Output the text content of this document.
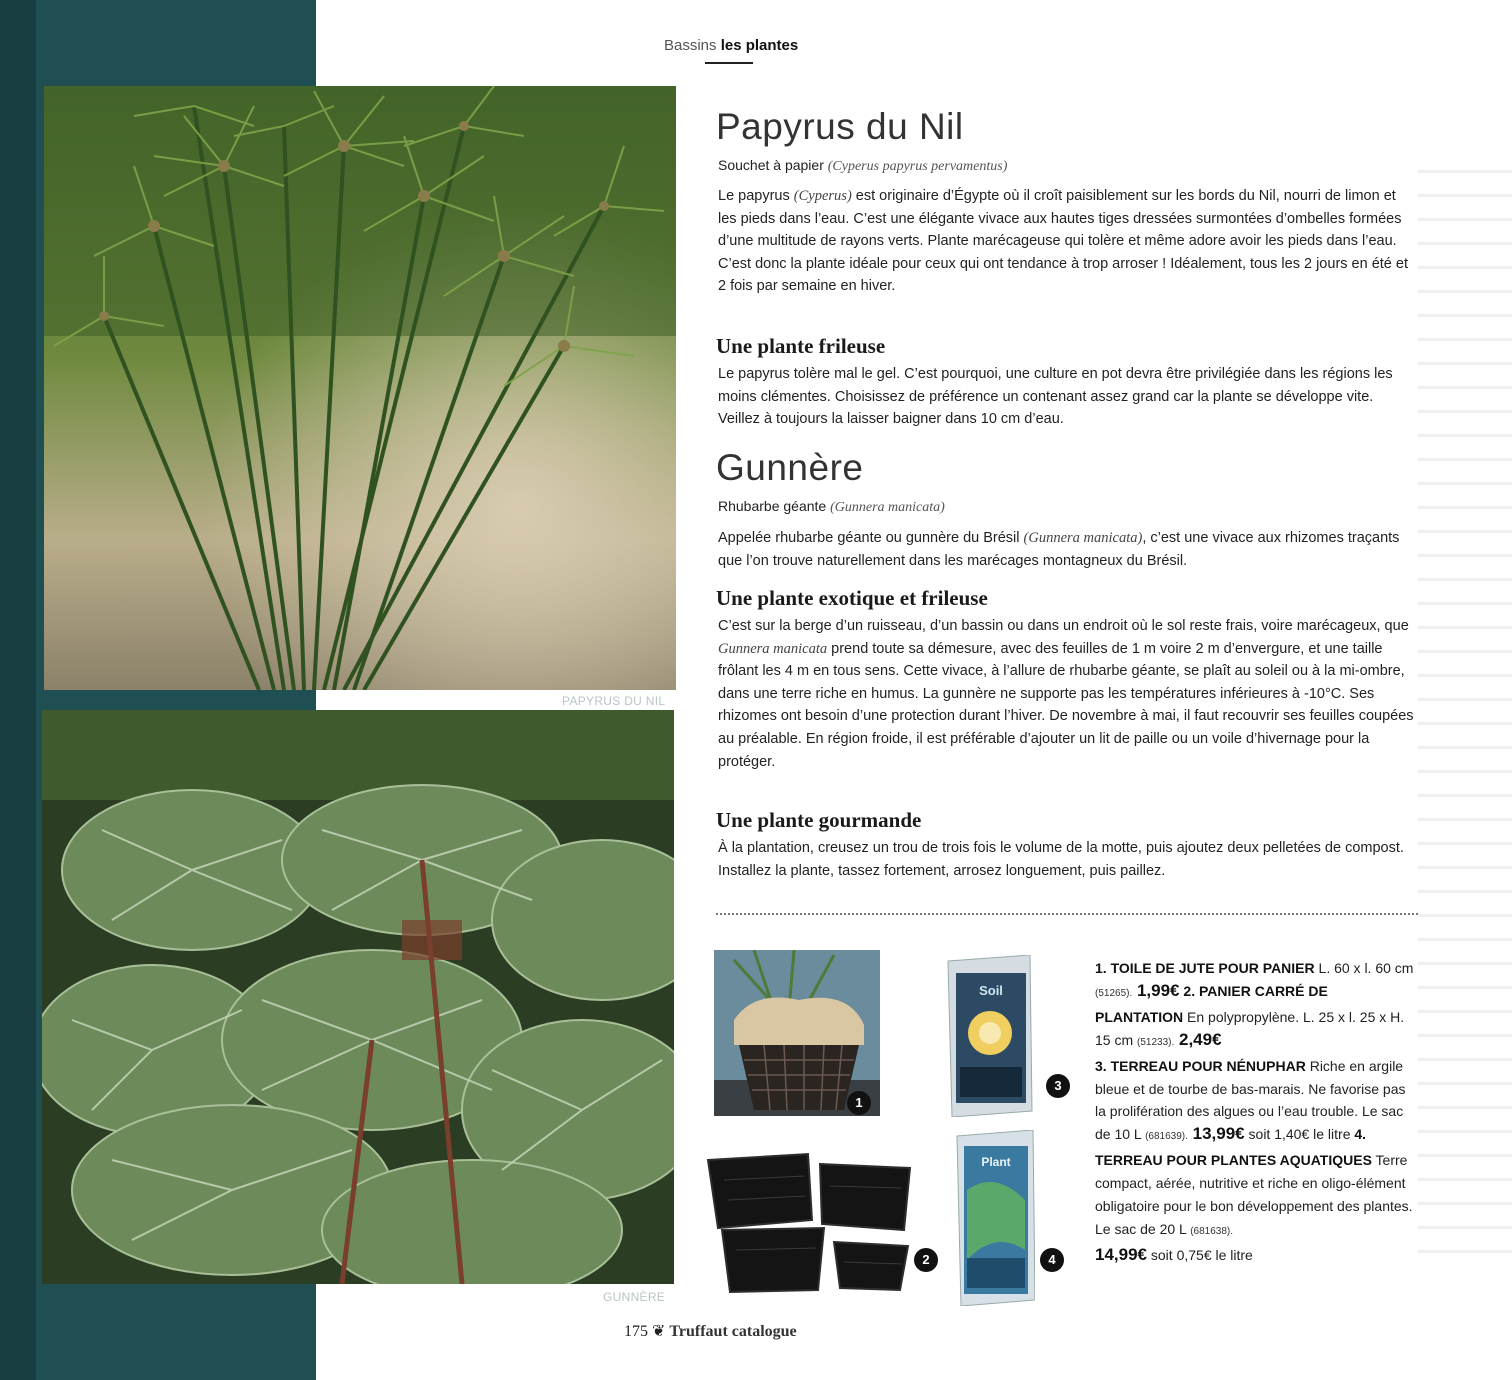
Bassins les plantes
PAPYRUS DU NIL
GUNNÈRE
Papyrus du Nil
Souchet à papier (Cyperus papyrus pervamentus)
Le papyrus (Cyperus) est originaire d’Égypte où il croît paisiblement sur les bords du Nil, nourri de limon et les pieds dans l’eau. C’est une élégante vivace aux hautes tiges dressées surmontées d’ombelles formées d’une multitude de rayons verts. Plante marécageuse qui tolère et même adore avoir les pieds dans l’eau. C’est donc la plante idéale pour ceux qui ont tendance à trop arroser ! Idéalement, tous les 2 jours en été et 2 fois par semaine en hiver.
Une plante frileuse
Le papyrus tolère mal le gel. C’est pourquoi, une culture en pot devra être privilégiée dans les régions les moins clémentes. Choisissez de préférence un contenant assez grand car la plante se développe vite. Veillez à toujours la laisser baigner dans 10 cm d’eau.
Gunnère
Rhubarbe géante (Gunnera manicata)
Appelée rhubarbe géante ou gunnère du Brésil (Gunnera manicata), c’est une vivace aux rhizomes traçants que l’on trouve naturellement dans les marécages montagneux du Brésil.
Une plante exotique et frileuse
C’est sur la berge d’un ruisseau, d’un bassin ou dans un endroit où le sol reste frais, voire marécageux, que Gunnera manicata prend toute sa démesure, avec des feuilles de 1 m voire 2 m d’envergure, et une taille frôlant les 4 m en tous sens. Cette vivace, à l’allure de rhubarbe géante, se plaît au soleil ou à la mi-ombre, dans une terre riche en humus. La gunnère ne supporte pas les températures inférieures à -10°C. Ses rhizomes ont besoin d’une protection durant l’hiver. De novembre à mai, il faut recouvrir ses feuilles coupées au préalable. En région froide, il est préférable d’ajouter un lit de paille ou un voile d’hivernage pour la protéger.
Une plante gourmande
À la plantation, creusez un trou de trois fois le volume de la motte, puis ajoutez deux pelletées de compost. Installez la plante, tassez fortement, arrosez longuement, puis paillez.
1
2
Soil
3
Plant
4
1. TOILE DE JUTE POUR PANIER L. 60 x l. 60 cm (51265). 1,99€ 2. PANIER CARRÉ DE PLANTATION En polypropylène. L. 25 x l. 25 x H. 15 cm (51233). 2,49€
3. TERREAU POUR NÉNUPHAR Riche en argile bleue et de tourbe de bas-marais. Ne favorise pas la prolifération des algues ou l’eau trouble. Le sac de 10 L (681639). 13,99€ soit 1,40€ le litre 4. TERREAU POUR PLANTES AQUATIQUES Terre compact, aérée, nutritive et riche en oligo-élément obligatoire pour le bon développement des plantes. Le sac de 20 L (681638).
14,99€ soit 0,75€ le litre
175 ❦ Truffaut catalogue
